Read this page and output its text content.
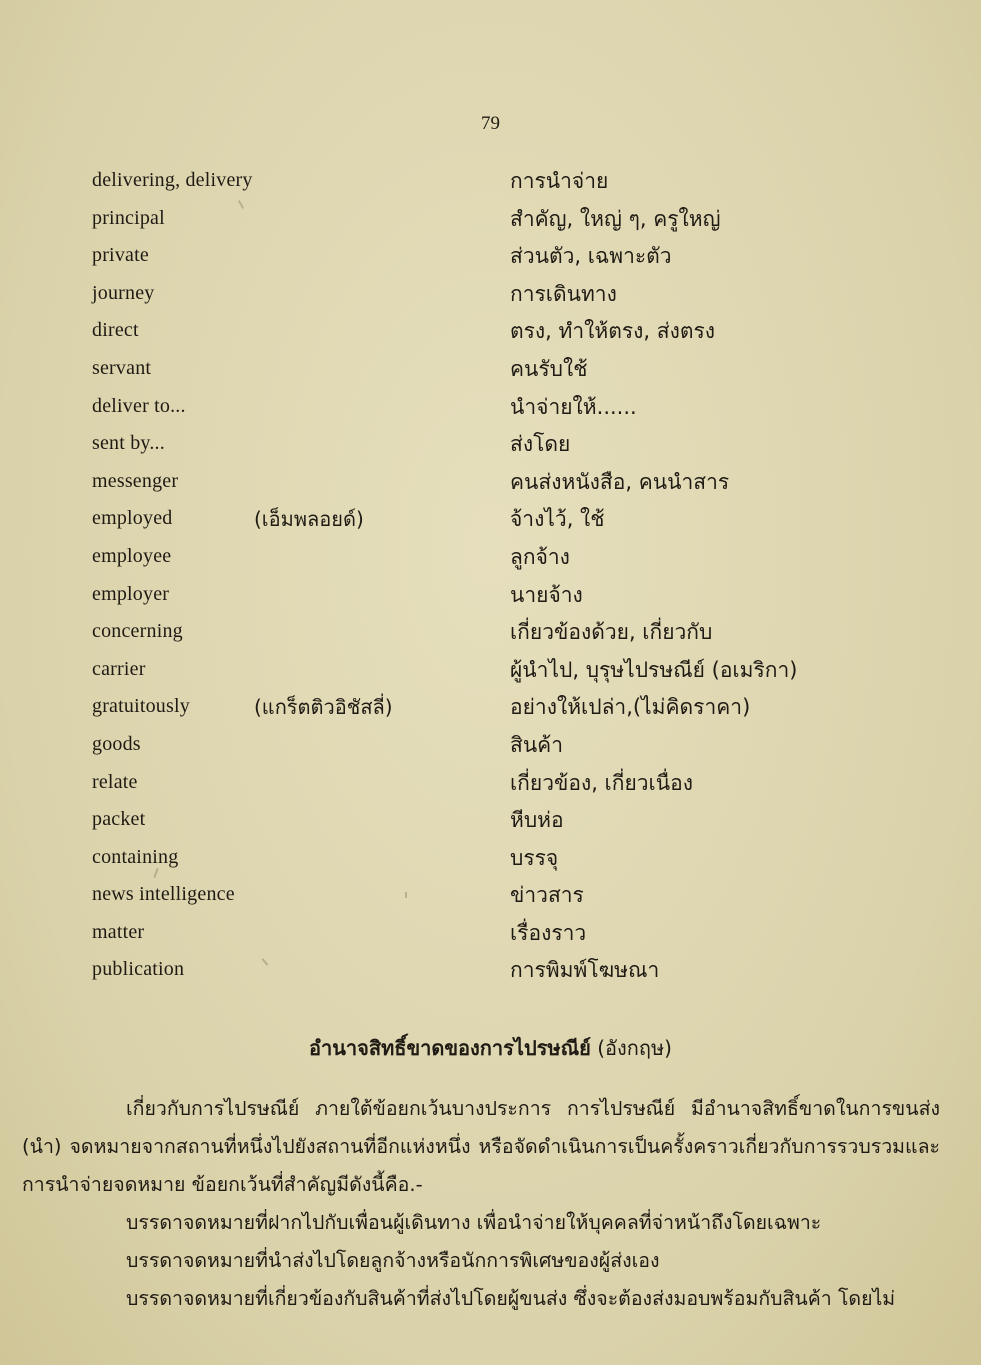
79
delivering, delivery	การนำจ่าย
principal	สำคัญ, ใหญ่ ๆ, ครูใหญ่
private	ส่วนตัว, เฉพาะตัว
journey	การเดินทาง
direct	ตรง, ทำให้ตรง, ส่งตรง
servant	คนรับใช้
deliver to...	นำจ่ายให้......
sent by...	ส่งโดย
messenger	คนส่งหนังสือ, คนนำสาร
employed	(เอ็มพลอยด์)	จ้างไว้, ใช้
employee	ลูกจ้าง
employer	นายจ้าง
concerning	เกี่ยวข้องด้วย, เกี่ยวกับ
carrier	ผู้นำไป, บุรุษไปรษณีย์ (อเมริกา)
gratuitously	(แกร็ตติวอิชัสลี่)	อย่างให้เปล่า,(ไม่คิดราคา)
goods	สินค้า
relate	เกี่ยวข้อง, เกี่ยวเนื่อง
packet	หีบห่อ
containing	บรรจุ
news intelligence	ข่าวสาร
matter	เรื่องราว
publication	การพิมพ์โฆษณา
อำนาจสิทธิ์ขาดของการไปรษณีย์ (อังกฤษ)

เกี่ยวกับการไปรษณีย์ ภายใต้ข้อยกเว้นบางประการ การไปรษณีย์ มีอำนาจสิทธิ์ขาดในการขนส่ง (นำ) จดหมายจากสถานที่หนึ่งไปยังสถานที่อีกแห่งหนึ่ง หรือจัดดำเนินการเป็นครั้งคราวเกี่ยวกับการรวบรวมและการนำจ่ายจดหมาย ข้อยกเว้นที่สำคัญมีดังนี้คือ.-

บรรดาจดหมายที่ฝากไปกับเพื่อนผู้เดินทาง เพื่อนำจ่ายให้บุคคลที่จ่าหน้าถึงโดยเฉพาะ

บรรดาจดหมายที่นำส่งไปโดยลูกจ้างหรือนักการพิเศษของผู้ส่งเอง

บรรดาจดหมายที่เกี่ยวข้องกับสินค้าที่ส่งไปโดยผู้ขนส่ง ซึ่งจะต้องส่งมอบพร้อมกับสินค้า โดยไม่
